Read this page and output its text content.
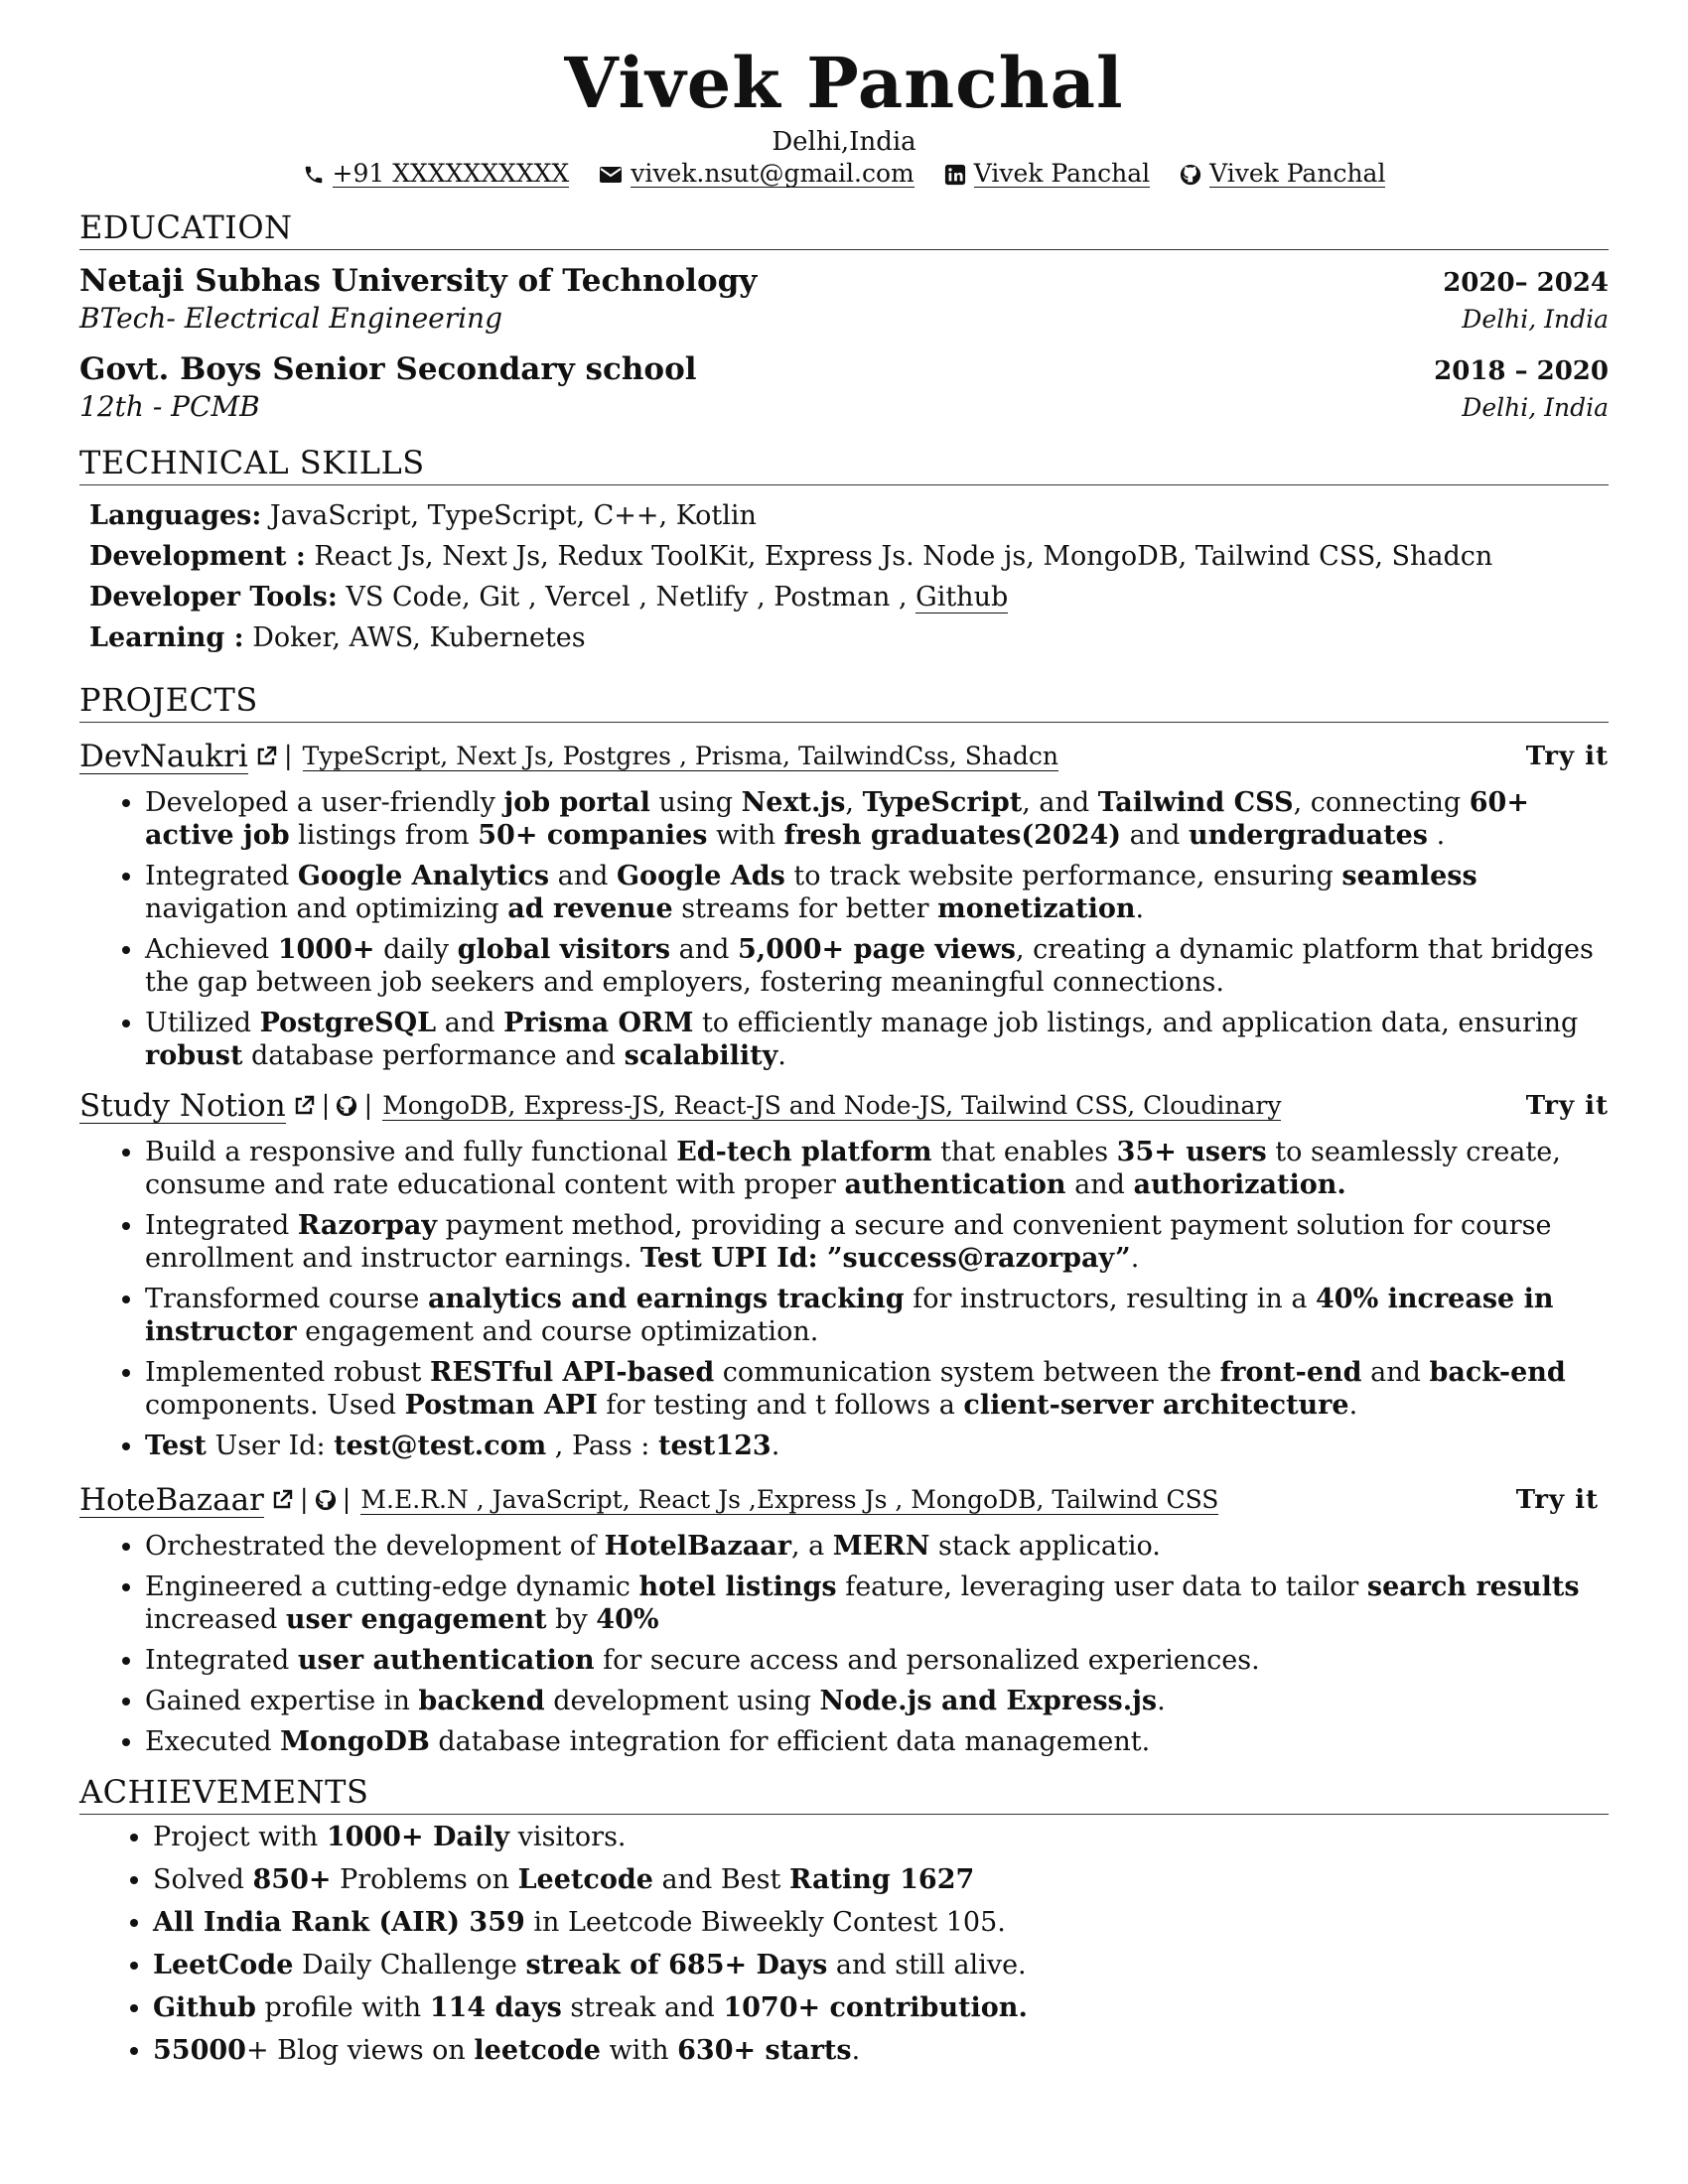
Vivek Panchal
Delhi,India
+91 XXXXXXXXXX vivek.nsut@gmail.com Vivek Panchal Vivek Panchal
EDUCATION
Netaji Subhas University of Technology	2020– 2024
BTech- Electrical Engineering	Delhi, India
Govt. Boys Senior Secondary school	2018 – 2020
12th - PCMB	Delhi, India
TECHNICAL SKILLS
Languages: JavaScript, TypeScript, C++, Kotlin
Development : React Js, Next Js, Redux ToolKit, Express Js. Node js, MongoDB, Tailwind CSS, Shadcn
Developer Tools: VS Code, Git , Vercel , Netlify , Postman , Github
Learning : Doker, AWS, Kubernetes
PROJECTS
DevNaukri | TypeScript, Next Js, Postgres , Prisma, TailwindCss, Shadcn	Try it
• Developed a user-friendly job portal using Next.js, TypeScript, and Tailwind CSS, connecting 60+ active job listings from 50+ companies with fresh graduates(2024) and undergraduates .
• Integrated Google Analytics and Google Ads to track website performance, ensuring seamless navigation and optimizing ad revenue streams for better monetization.
• Achieved 1000+ daily global visitors and 5,000+ page views, creating a dynamic platform that bridges the gap between job seekers and employers, fostering meaningful connections.
• Utilized PostgreSQL and Prisma ORM to efficiently manage job listings, and application data, ensuring robust database performance and scalability.
Study Notion | | MongoDB, Express-JS, React-JS and Node-JS, Tailwind CSS, Cloudinary	Try it
• Build a responsive and fully functional Ed-tech platform that enables 35+ users to seamlessly create, consume and rate educational content with proper authentication and authorization.
• Integrated Razorpay payment method, providing a secure and convenient payment solution for course enrollment and instructor earnings. Test UPI Id: ”success@razorpay”.
• Transformed course analytics and earnings tracking for instructors, resulting in a 40% increase in instructor engagement and course optimization.
• Implemented robust RESTful API-based communication system between the front-end and back-end components. Used Postman API for testing and t follows a client-server architecture.
• Test User Id: test@test.com , Pass : test123.
HoteBazaar | | M.E.R.N , JavaScript, React Js ,Express Js , MongoDB, Tailwind CSS	Try it
• Orchestrated the development of HotelBazaar, a MERN stack applicatio.
• Engineered a cutting-edge dynamic hotel listings feature, leveraging user data to tailor search results increased user engagement by 40%
• Integrated user authentication for secure access and personalized experiences.
• Gained expertise in backend development using Node.js and Express.js.
• Executed MongoDB database integration for efficient data management.
ACHIEVEMENTS
• Project with 1000+ Daily visitors.
• Solved 850+ Problems on Leetcode and Best Rating 1627
• All India Rank (AIR) 359 in Leetcode Biweekly Contest 105.
• LeetCode Daily Challenge streak of 685+ Days and still alive.
• Github profile with 114 days streak and 1070+ contribution.
• 55000+ Blog views on leetcode with 630+ starts.
